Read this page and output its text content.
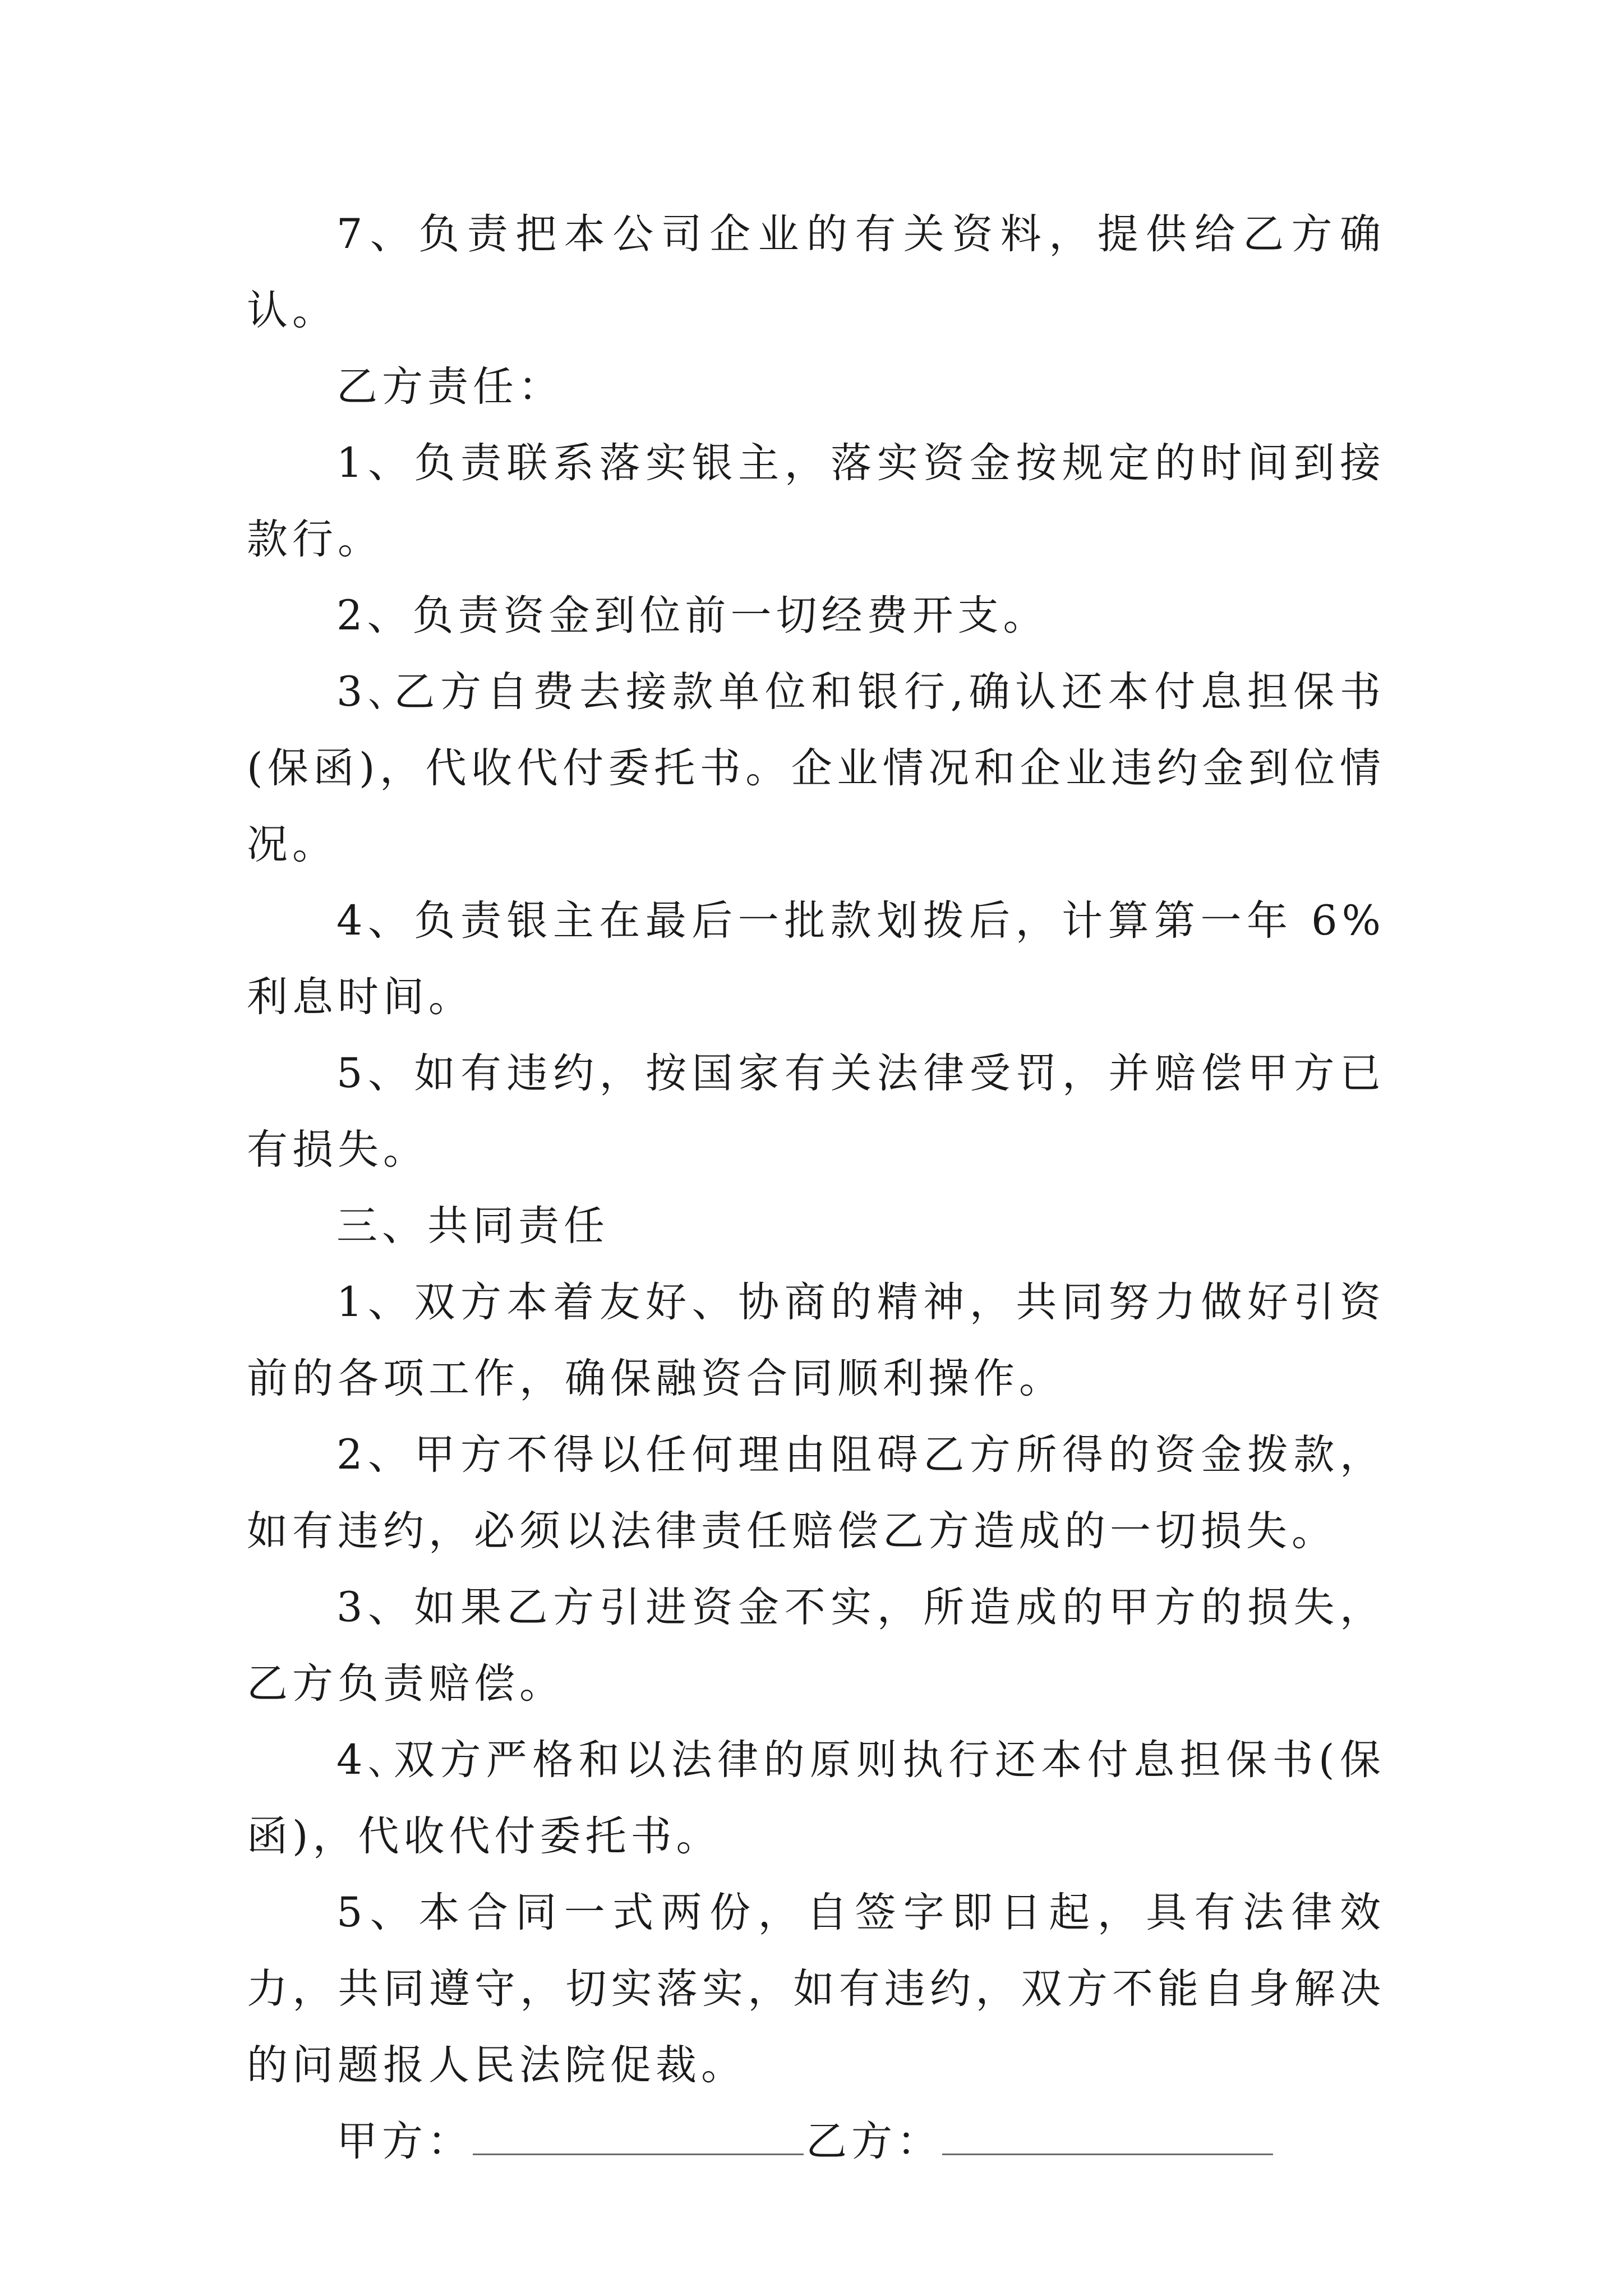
7、负责把本公司企业的有关资料，提供给乙方确认。

乙方责任：

1、负责联系落实银主，落实资金按规定的时间到接款行。

2、负责资金到位前一切经费开支。

3､乙方自费去接款单位和银行,确认还本付息担保书(保函)，代收代付委托书。企业情况和企业违约金到位情况。

4、负责银主在最后一批款划拨后，计算第一年 6%利息时间。

5、如有违约，按国家有关法律受罚，并赔偿甲方已有损失。

三、共同责任

1、双方本着友好、协商的精神，共同努力做好引资前的各项工作，确保融资合同顺利操作。

2、甲方不得以任何理由阻碍乙方所得的资金拨款，如有违约，必须以法律责任赔偿乙方造成的一切损失。

3、如果乙方引进资金不实，所造成的甲方的损失，乙方负责赔偿。

4､双方严格和以法律的原则执行还本付息担保书(保函)，代收代付委托书。

5、本合同一式两份，自签字即日起，具有法律效力，共同遵守，切实落实，如有违约，双方不能自身解决的问题报人民法院促裁。

甲方：	乙方：
